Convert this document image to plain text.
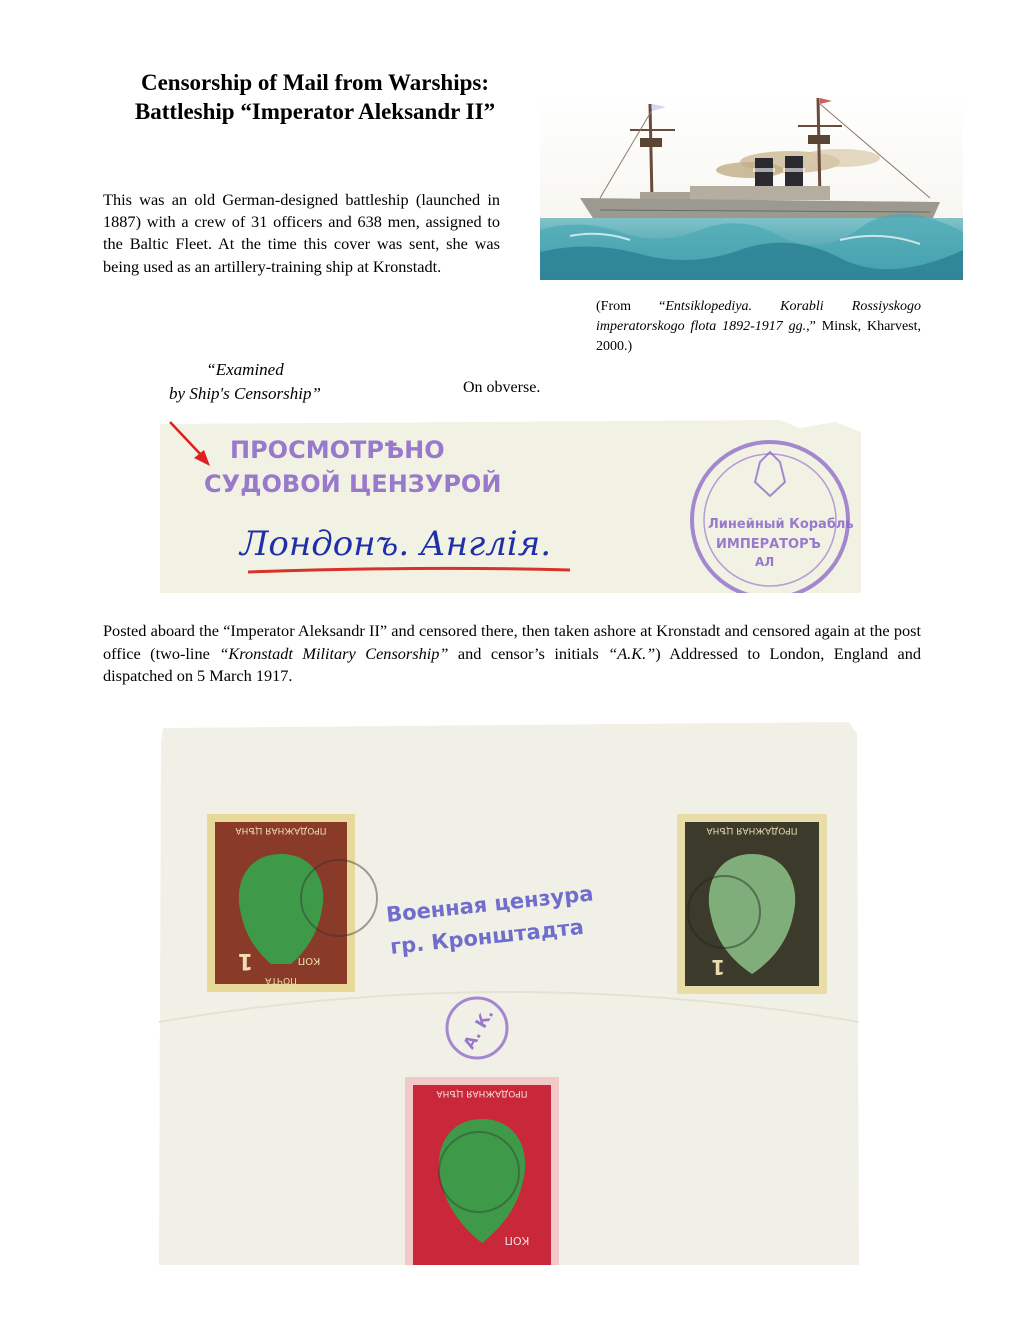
Censorship of Mail from Warships:
Battleship “Imperator Aleksandr II”
This was an old German-designed battleship (launched in 1887) with a crew of 31 officers and 638 men, assigned to the Baltic Fleet. At the time this cover was sent, she was being used as an artillery-training ship at Kronstadt.
(From “Entsiklopediya. Korabli Rossiyskogo imperatorskogo flota 1892-1917 gg.,” Minsk, Kharvest, 2000.)
“Examined
by Ship's Censorship”	On obverse.
ПРОСМОТРѢНО
СУДОВОЙ ЦЕНЗУРОЙ
Лондонъ. Англія.	Линейный Корабль
ИМПЕРАТОРЪ
АЛ
Posted aboard the “Imperator Aleksandr II” and censored there, then taken ashore at Kronstadt and censored again at the post office (two-line “Kronstadt Military Censorship” and censor’s initials “A.K.”) Addressed to London, England and dispatched on 5 March 1917.
ПРОДАЖНАЯ ЦѢНА
1	КОП
ПОЧТА
ПРОДАЖНАЯ ЦѢНА
1
Военная цензура
гр. Кронштадта
А. К.
ПРОДАЖНАЯ ЦѢНА
КОП
